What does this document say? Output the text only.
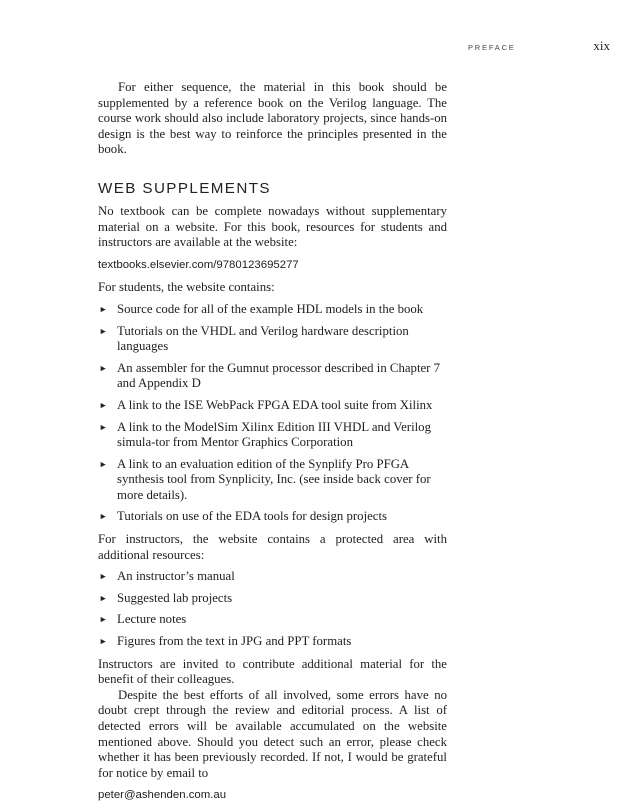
PREFACE	xix

For either sequence, the material in this book should be supplemented by a reference book on the Verilog language. The course work should also include laboratory projects, since hands-on design is the best way to reinforce the principles presented in the book.

WEB SUPPLEMENTS

No textbook can be complete nowadays without supplementary material on a website. For this book, resources for students and instructors are available at the website:

textbooks.elsevier.com/9780123695277

For students, the website contains:

► Source code for all of the example HDL models in the book
► Tutorials on the VHDL and Verilog hardware description languages
► An assembler for the Gumnut processor described in Chapter 7 and Appendix D
► A link to the ISE WebPack FPGA EDA tool suite from Xilinx
► A link to the ModelSim Xilinx Edition III VHDL and Verilog simula-tor from Mentor Graphics Corporation
► A link to an evaluation edition of the Synplify Pro PFGA synthesis tool from Synplicity, Inc. (see inside back cover for more details).
► Tutorials on use of the EDA tools for design projects

For instructors, the website contains a protected area with additional resources:

► An instructor’s manual
► Suggested lab projects
► Lecture notes
► Figures from the text in JPG and PPT formats

Instructors are invited to contribute additional material for the benefit of their colleagues.

Despite the best efforts of all involved, some errors have no doubt crept through the review and editorial process. A list of detected errors will be available accumulated on the website mentioned above. Should you detect such an error, please check whether it has been previously recorded. If not, I would be grateful for notice by email to

peter@ashenden.com.au
